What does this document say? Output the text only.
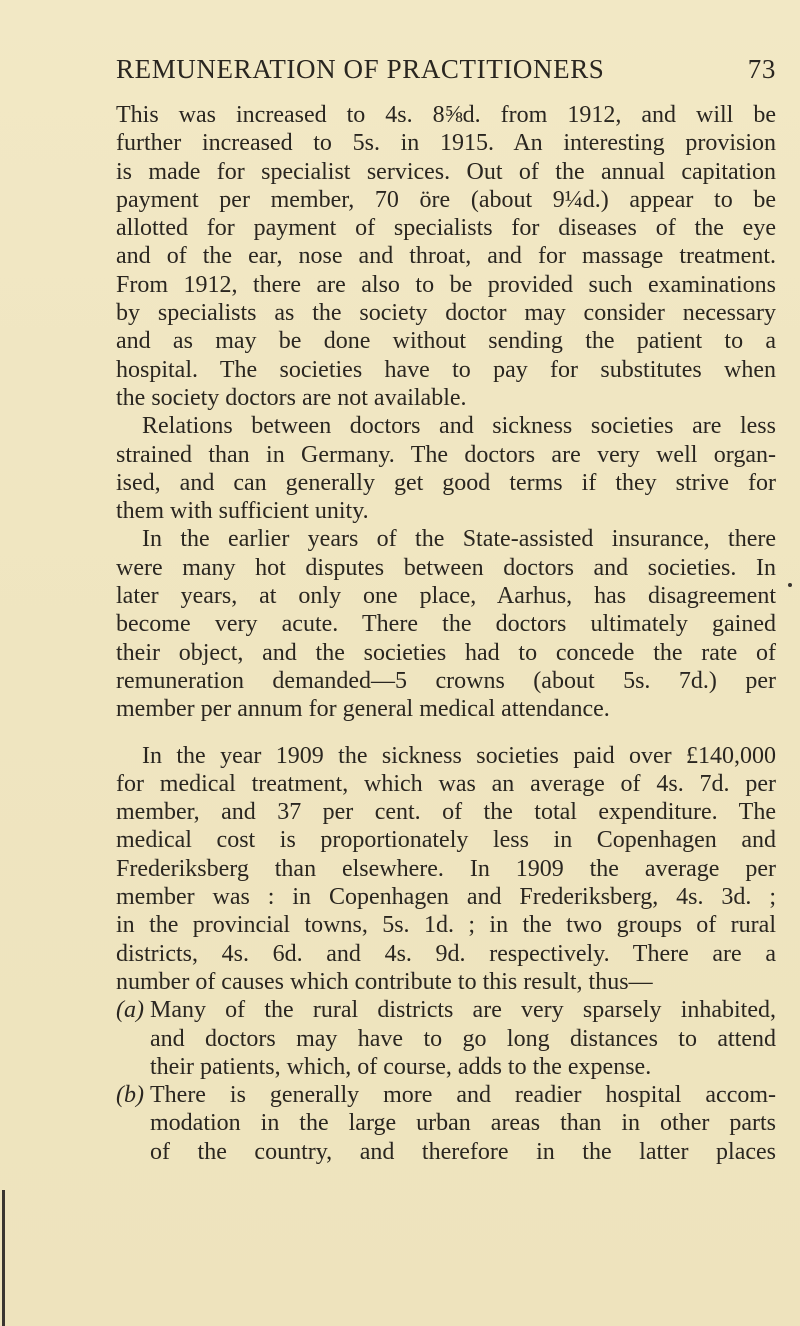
REMUNERATION OF PRACTITIONERS	73
This was increased to 4s. 8⅝d. from 1912, and will be
further increased to 5s. in 1915. An interesting provision
is made for specialist services. Out of the annual capitation
payment per member, 70 öre (about 9¼d.) appear to be
allotted for payment of specialists for diseases of the eye
and of the ear, nose and throat, and for massage treatment.
From 1912, there are also to be provided such examinations
by specialists as the society doctor may consider necessary
and as may be done without sending the patient to a
hospital. The societies have to pay for substitutes when
the society doctors are not available.
Relations between doctors and sickness societies are less
strained than in Germany. The doctors are very well organ-
ised, and can generally get good terms if they strive for
them with sufficient unity.
In the earlier years of the State-assisted insurance, there
were many hot disputes between doctors and societies. In
later years, at only one place, Aarhus, has disagreement
become very acute. There the doctors ultimately gained
their object, and the societies had to concede the rate of
remuneration demanded—5 crowns (about 5s. 7d.) per
member per annum for general medical attendance.
In the year 1909 the sickness societies paid over £140,000
for medical treatment, which was an average of 4s. 7d. per
member, and 37 per cent. of the total expenditure. The
medical cost is proportionately less in Copenhagen and
Frederiksberg than elsewhere. In 1909 the average per
member was : in Copenhagen and Frederiksberg, 4s. 3d. ;
in the provincial towns, 5s. 1d. ; in the two groups of rural
districts, 4s. 6d. and 4s. 9d. respectively. There are a
number of causes which contribute to this result, thus—
(a) Many of the rural districts are very sparsely inhabited,
and doctors may have to go long distances to attend
their patients, which, of course, adds to the expense.
(b) There is generally more and readier hospital accom-
modation in the large urban areas than in other parts
of the country, and therefore in the latter places
